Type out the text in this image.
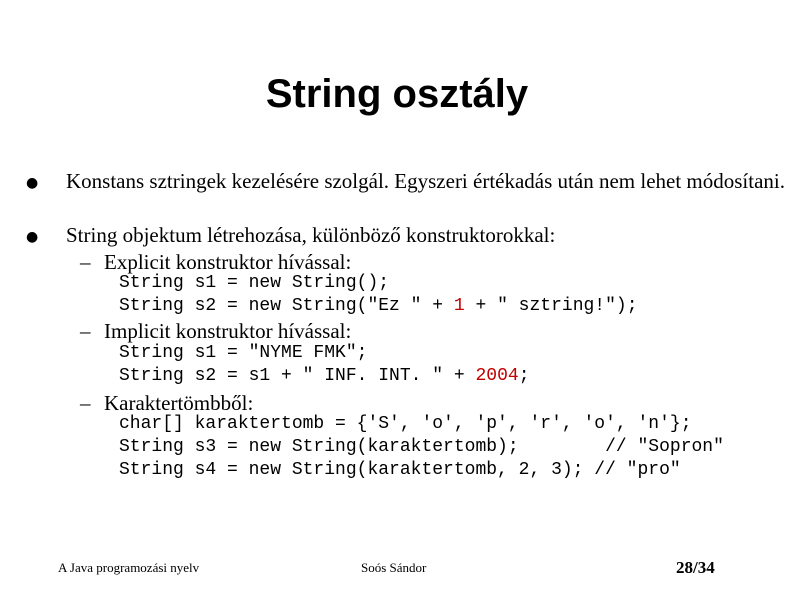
String osztály
● Konstans sztringek kezelésére szolgál. Egyszeri értékadás után nem lehet módosítani.
● String objektum létrehozása, különböző konstruktorokkal:
– Explicit konstruktor hívással:
String s1 = new String();
String s2 = new String("Ez " + 1 + " sztring!");
– Implicit konstruktor hívással:
String s1 = "NYME FMK";
String s2 = s1 + " INF. INT. " + 2004;
– Karaktertömbből:
char[] karaktertomb = {'S', 'o', 'p', 'r', 'o', 'n'};
String s3 = new String(karaktertomb);        // "Sopron"
String s4 = new String(karaktertomb, 2, 3); // "pro"
A Java programozási nyelv	Soós Sándor	28/34
